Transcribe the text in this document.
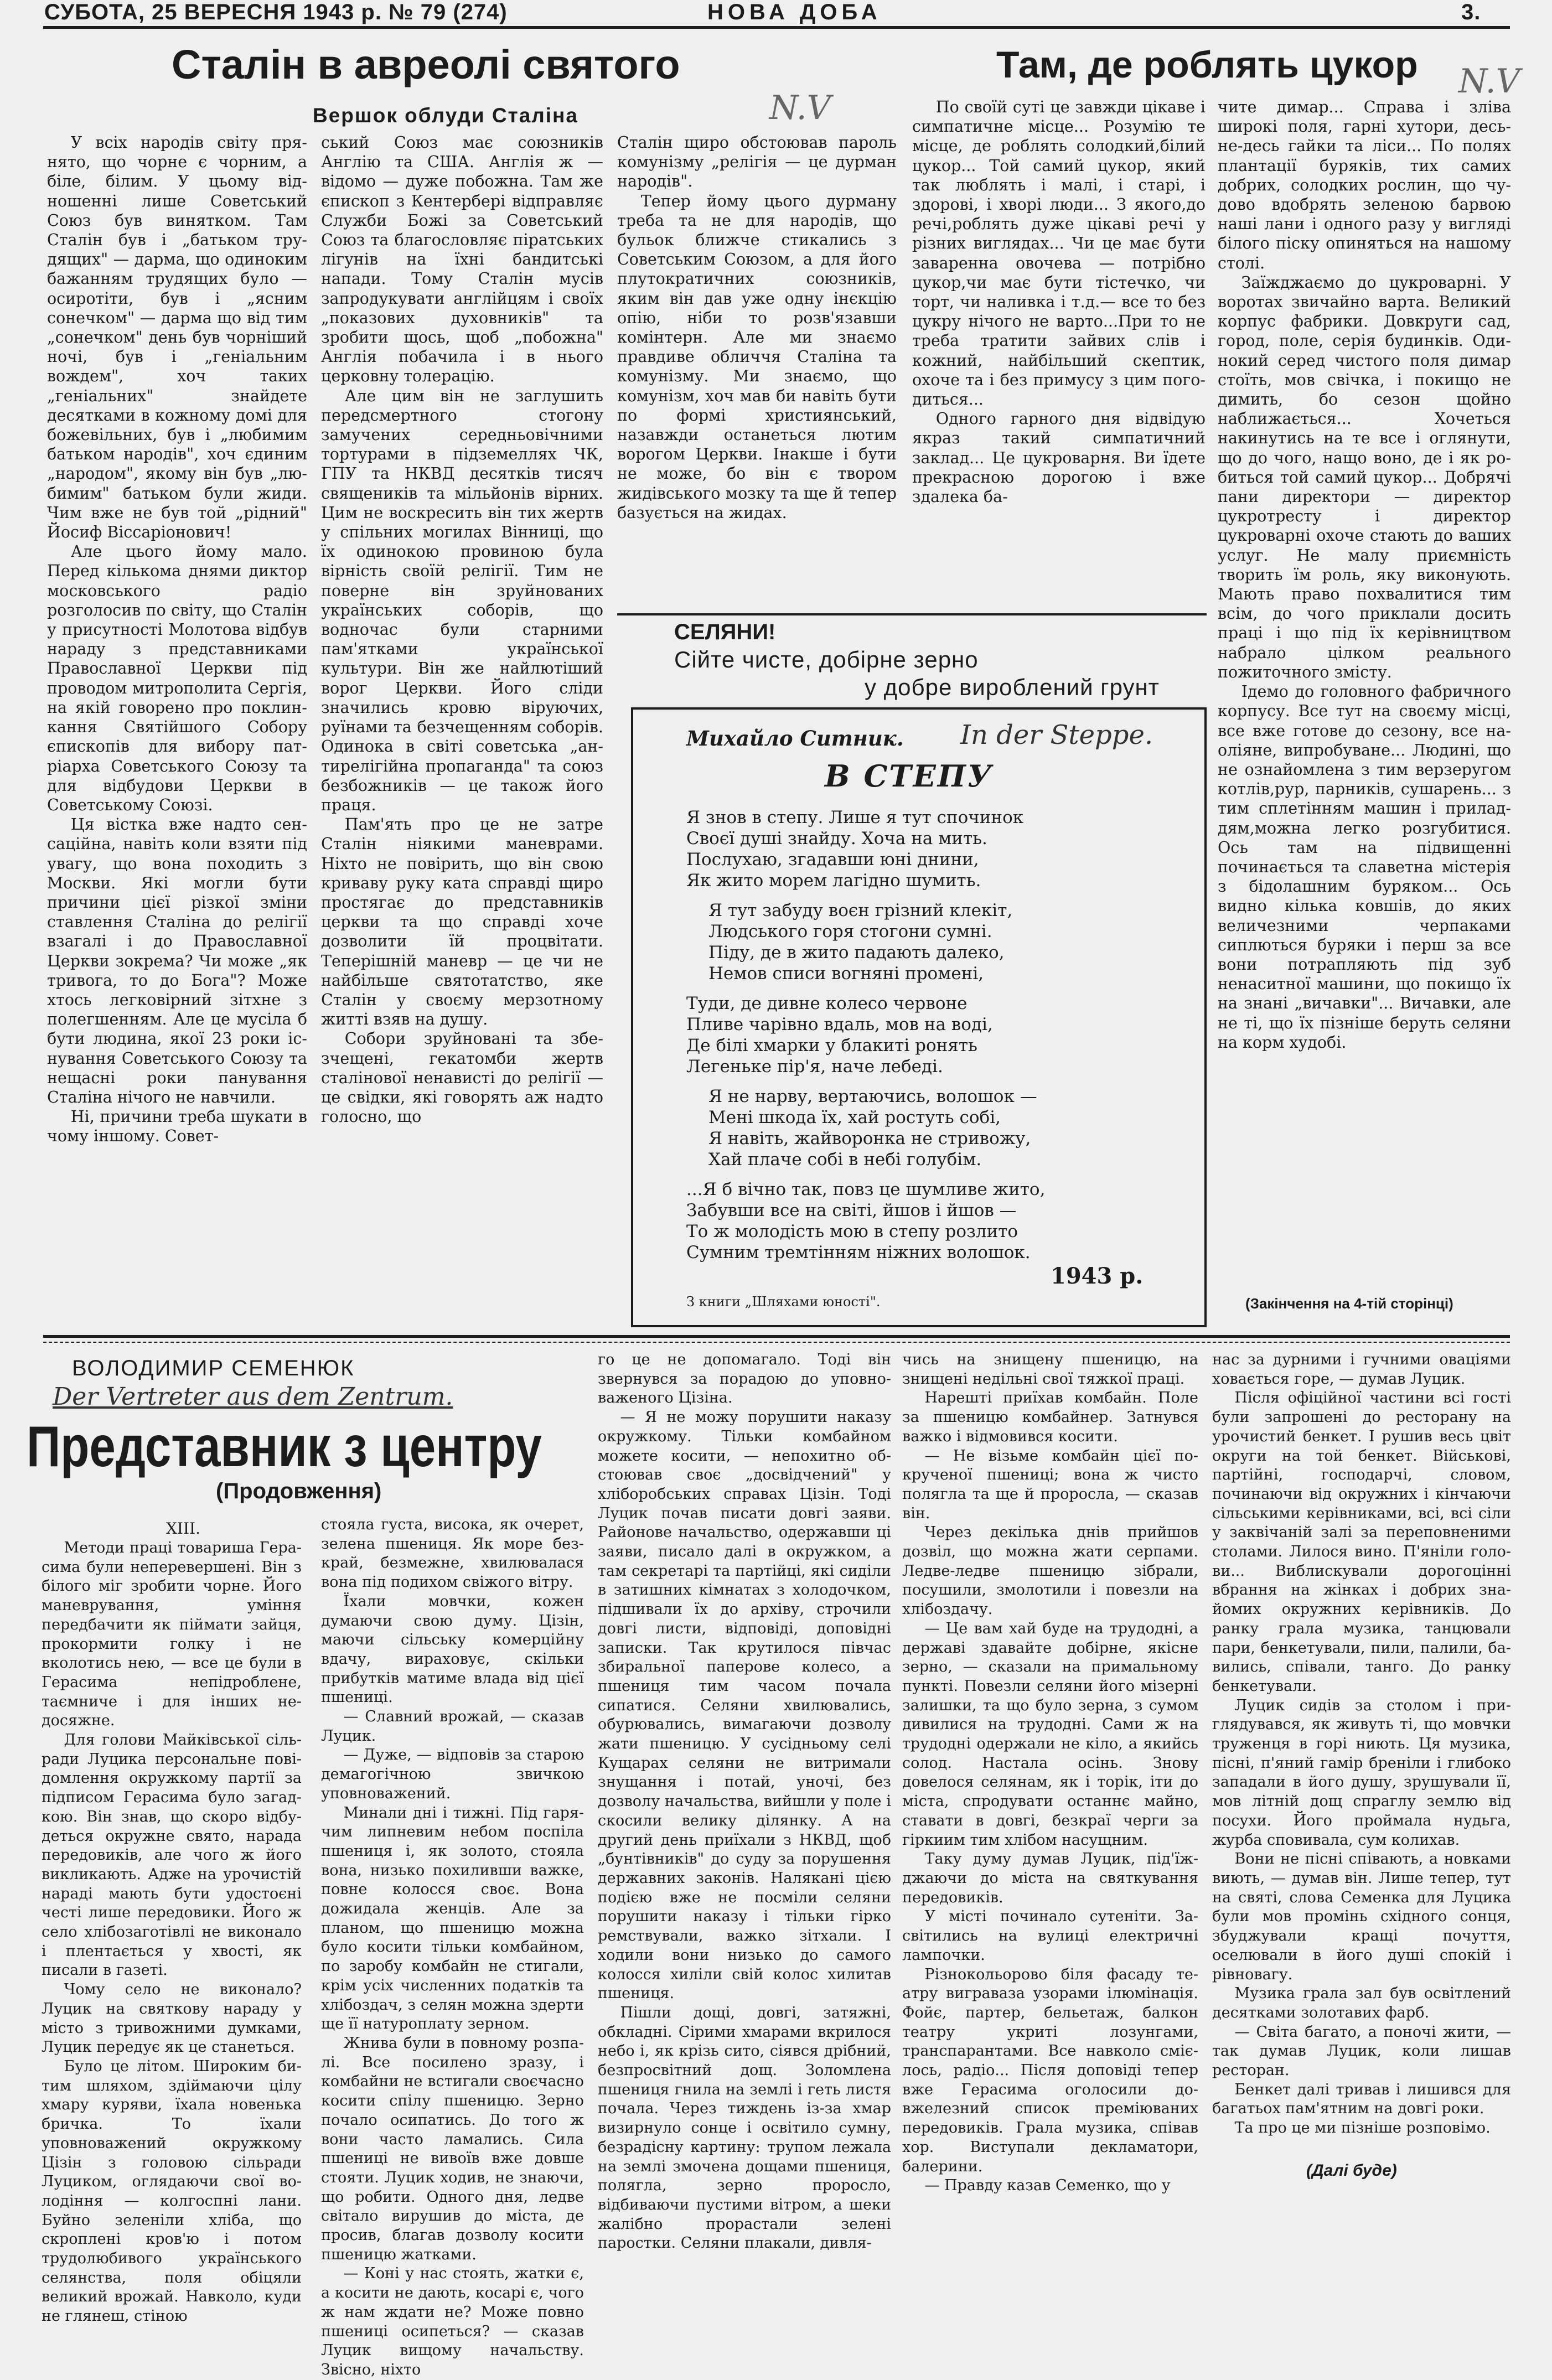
СУБОТА, 25 ВЕРЕСНЯ 1943 р. № 79 (274)	НОВА ДОБА	3.
Сталін в авреолі святого
N.V
Вершок облуди Сталіна

У всіх народів світу прянято, що чорне є чорним, а біле, білим. У цьому відношенні лише Советський Союз був винятком. Там Сталін був і „батьком трудящих" — дарма, що одиноким бажанням трудящих було — осиротіти, був і „ясним сонечком" — дарма що від тим „сонечком" день був чорніший ночі, був і „геніальним вождем", хоч таких „геніальних" знайдете десятками в кожному домі для божевільних, був і „любимим батьком народів", хоч єдиним „народом", якому він був „любимим" батьком були жиди. Чим вже не був той „рідний" Йосиф Віссаріонович!

Але цього йому мало. Перед кількома днями диктор московського радіо розголосив по світу, що Сталін у присутності Молотова відбув нараду з представниками Православної Церкви під проводом митрополита Сергія, на якій говорено про поклинкання Святійшого Собору єпископів для вибору патріарха Советського Союзу та для відбудови Церкви в Советському Союзі.

Ця вістка вже надто сенсаційна, навіть коли взяти під увагу, що вона походить з Москви. Які могли бути причини цієї різкої зміни ставлення Сталіна до релігії взагалі і до Православної Церкви зокрема? Чи може „як тривога, то до Бога"? Може хтось легковірний зітхне з полегшенням. Але це мусіла б бути людина, якої 23 роки існування Советського Союзу та нещасні роки панування Сталіна нічого не навчили.

Ні, причини треба шукати в чому іншому. Совет-

ський Союз має союзників Англію та США. Англія ж — відомо — дуже побожна. Там же єпископ з Кентербері відправляє Служби Божі за Советський Союз та благословляє піратських лігунів на їхні бандитські напади. Тому Сталін мусів запродукувати англійцям і своїх „показових духовників" та зробити щось, щоб „побожна" Англія побачила і в нього церковну толерацію.

Але цим він не заглушить передсмертного стогону замучених середньовічними тортурами в підземеллях ЧК, ГПУ та НКВД десятків тисяч священиків та мільйонів вірних. Цим не воскресить він тих жертв у спільних могилах Вінниці, що їх одинокою провиною була вірність своїй релігії. Тим не поверне він зруйнованих українських соборів, що водночас були старними пам'ятками української культури. Він же найлютіший ворог Церкви. Його сліди значились кровю віруючих, руїнами та безчещенням соборів. Одинока в світі советська „антирелігійна пропаганда" та союз безбожників — це також його праця.

Пам'ять про це не затре Сталін ніякими маневрами. Ніхто не повірить, що він свою криваву руку ката справді щиро простягає до представників церкви та що справді хоче дозволити їй процвітати. Теперішній маневр — це чи не найбільше святотатство, яке Сталін у своєму мерзотному житті взяв на душу.

Собори зруйновані та збезчещені, гекатомби жертв сталінової ненависті до релігії — це свідки, які говорять аж надто голосно, що

Сталін щиро обстоював пароль комунізму „релігія — це дурман народів".

Тепер йому цього дурману треба та не для народів, що бульок ближче стикались з Советським Союзом, а для його плутократичних союзників, яким він дав уже одну інєкцію опію, ніби то розв'язавши комінтерн. Але ми знаємо правдиве обличчя Сталіна та комунізму. Ми знаємо, що комунізм, хоч мав би навіть бути по формі християнський, назавжди останеться лютим ворогом Церкви. Інакше і бути не може, бо він є твором жидівського мозку та ще й тепер базується на жидах.

Там, де роблять цукор N.V

По своїй суті це завжди цікаве і симпатичне місце... Розумію те місце, де роблять солодкий,білий цукор... Той самий цукор, який так люблять і малі, і старі, і здорові, і хворі люди... З якого,до речі,роблять дуже цікаві речі у різних виглядах... Чи це має бути заваренна овочева — потрібно цукор,чи має бути тістечко, чи торт, чи наливка і т.д.— все то без цукру нічого не варто...При то не треба тратити зайвих слів і кожний, найбільший скептик, охоче та і без примусу з цим погодиться...

Одного гарного дня відвідую якраз такий симпатичний заклад... Це цукроварня. Ви їдете прекрасною дорогою і вже здалека ба-

чите димар... Справа і зліва широкі поля, гарні хутори, десь-не-десь гайки та ліси... По полях плантації буряків, тих самих добрих, солодких рослин, що чудово вдобрять зеленою барвою наші лани і одного разу у вигляді білого піску опиняться на нашому столі.

Заїжджаємо до цукроварні. У воротах звичайно варта. Великий корпус фабрики. Довкруги сад, город, поле, серія будинків. Одинокий серед чистого поля димар стоїть, мов свічка, і покищо не димить, бо сезон щойно наближається... Хочеться накинутись на те все і оглянути, що до чого, нащо воно, де і як робиться той самий цукор... Добрячі пани директори — директор цукротресту і директор цукроварні охоче стають до ваших услуг. Не малу приємність творить їм роль, яку виконують. Мають право похвалитися тим всім, до чого приклали досить праці і що під їх керівництвом набрало цілком реального пожиточного змісту.

Ідемо до головного фабричного корпусу. Все тут на своєму місці, все вже готове до сезону, все наоліяне, випробуване... Людині, що не ознайомлена з тим верзеругом котлів,рур, парників, сушарень... з тим сплетінням машин і приладдям,можна легко розгубитися. Ось там на підвищенні починається та славетна містерія з бідолашним буряком... Ось видно кілька ковшів, до яких величезними черпаками сиплються буряки і перш за все вони потрапляють під зуб ненаситної машини, що покищо їх на знані „вичавки"... Вичавки, але не ті, що їх пізніше беруть селяни на корм худобі.

(Закінчення на 4-тій сторінці)
СЕЛЯНИ!
Сійте чисте, добірне зерно
у добре вироблений грунт
Михайло Ситник. In der Steppe.
В СТЕПУ
Я знов в степу. Лише я тут спочинок
Своєї душі знайду. Хоча на мить.
Послухаю, згадавши юні днини,
Як жито морем лагідно шумить.
Я тут забуду воєн грізний клекіт,
Людського горя стогони сумні.
Піду, де в жито падають далеко,
Немов списи вогняні промені,
Туди, де дивне колесо червоне
Пливе чарівно вдаль, мов на воді,
Де білі хмарки у блакиті ронять
Легеньке пір'я, наче лебеді.
Я не нарву, вертаючись, волошок —
Мені шкода їх, хай ростуть собі,
Я навіть, жайворонка не стривожу,
Хай плаче собі в небі голубім.
...Я б вічно так, повз це шумливе жито,
Забувши все на світі, йшов і йшов —
То ж молодість мою в степу розлито
Сумним тремтінням ніжних волошок.
1943 р.
З книги „Шляхами юності".
ВОЛОДИМИР СЕМЕНЮК
Der Vertreter aus dem Zentrum.
Представник з центру
(Продовження)
XIII.

Методи праці товариша Герасима були неперевершені. Він з білого міг зробити чорне. Його маневрування, уміння передбачити як піймати зайця, прокормити голку і не вколотись нею, — все це були в Герасима непідроблене, таємниче і для інших недосяжне.

Для голови Майківської сільради Луцика персональне повідомлення окружкому партії за підписом Герасима було загадкою. Він знав, що скоро відбудеться окружне свято, нарада передовиків, але чого ж його викликають. Адже на урочистій нараді мають бути удостоєні честі лише передовики. Його ж село хлібозаготівлі не виконало і плентається у хвості, як писали в газеті.

Чому село не виконало? Луцик на святкову нараду у місто з тривожними думками, Луцик передує як це станеться.

Було це літом. Широким битим шляхом, здіймаючи цілу хмару куряви, їхала новенька бричка. То їхали уповноважений окружкому Цізін з головою сільради Луциком, оглядаючи свої володіння — колгоспні лани. Буйно зеленіли хліба, що скроплені кров'ю і потом трудолюбивого українського селянства, поля обіцяли великий врожай. Навколо, куди не глянеш, стіною

стояла густа, висока, як очерет, зелена пшениця. Як море безкрай, безмежне, хвилювалася вона під подихом свіжого вітру.

Їхали мовчки, кожен думаючи свою думу. Цізін, маючи сільську комерційну вдачу, вираховує, скільки прибутків матиме влада від цієї пшениці.

— Славний врожай, — сказав Луцик.

— Дуже, — відповів за старою демагогічною звичкою уповноважений.

Минали дні і тижні. Під гарячим липневим небом поспіла пшениця і, як золото, стояла вона, низько похиливши важке, повне колосся своє. Вона дожидала женців. Але за планом, що пшеницю можна було косити тільки комбайном, по заробу комбайн не стигали, крім усіх численних податків та хлібоздач, з селян можна здерти ще її натуроплату зерном.

Жнива були в повному розпалі. Все посилено зразу, і комбайни не встигали своєчасно косити спілу пшеницю. Зерно почало осипатись. До того ж вони часто ламались. Сила пшениці не вивоїв вже довше стояти. Луцик ходив, не знаючи, що робити. Одного дня, ледве світало вирушив до міста, де просив, благав дозволу косити пшеницю жатками.

— Коні у нас стоять, жатки є, а косити не дають, косарі є, чого ж нам ждати не? Може повно пшениці осипеться? — сказав Луцик вищому начальству. Звісно, ніхто

го це не допомагало. Тоді він звернувся за порадою до уповноваженого Цізіна.

— Я не можу порушити наказу окружкому. Тільки комбайном можете косити, — непохитно обстоював своє „досвідчений" у хліборобських справах Цізін. Тоді Луцик почав писати довгі заяви. Районове начальство, одержавши ці заяви, писало далі в окружком, а там секретарі та партійці, які сиділи в затишних кімнатах з холодочком, підшивали їх до архіву, строчили довгі листи, відповіді, доповідні записки. Так крутилося півчас збиральної паперове колесо, а пшениця тим часом почала сипатися. Селяни хвилювались, обурювались, вимагаючи дозволу жати пшеницю. У сусідньому селі Кущарах селяни не витримали знущання і потай, уночі, без дозволу начальства, вийшли у поле і скосили велику ділянку. А на другий день приїхали з НКВД, щоб „бунтівників" до суду за порушення державних законів. Налякані цією подією вже не посміли селяни порушити наказу і тільки гірко ремствували, важко зітхали. І ходили вони низько до самого колосся хиліли свій колос хилитав пшениця.

Пішли дощі, довгі, затяжні, обкладні. Сірими хмарами вкрилося небо і, як крізь сито, сіявся дрібний, безпросвітний дощ. Золомлена пшениця гнила на землі і геть листя почала. Через тиждень із-за хмар визирнуло сонце і освітило сумну, безрадісну картину: трупом лежала на землі змочена дощами пшениця, полягла, зерно проросло, відбиваючи пустими вітром, а шеки жалібно прорастали зелені паростки. Селяни плакали, дивля-

чись на знищену пшеницю, на знищені недільні свої тяжкої праці.

Нарешті приїхав комбайн. Поле за пшеницю комбайнер. Затнувся важко і відмовився косити.

— Не візьме комбайн цієї покрученої пшениці; вона ж чисто полягла та ще й проросла, — сказав він.

Через декілька днів прийшов дозвіл, що можна жати серпами. Ледве-ледве пшеницю зібрали, посушили, змолотили і повезли на хлібоздачу.

— Це вам хай буде на трудодні, а державі здавайте добірне, якісне зерно, — сказали на примальному пункті. Повезли селяни його мізерні залишки, та що було зерна, з сумом дивилися на трудодні. Сами ж на трудодні одержали не кіло, а якийсь солод. Настала осінь. Знову довелося селянам, як і торік, іти до міста, спродувати останнє майно, ставати в довгі, безкраї черги за гіркиим тим хлібом насущним.

Таку думу думав Луцик, під'їжджаючи до міста на святкування передовиків.

У місті починало сутеніти. Засвітились на вулиці електричні лампочки.

Різнокольорово біля фасаду театру виграваза узорами ілюмінація. Фойє, партер, бельетаж, балкон театру укриті лозунгами, транспарантами. Все навколо смієлось, радіо... Після доповіді тепер вже Герасима оголосили довжелезний список преміюваних передовиків. Грала музика, співав хор. Виступали декламатори, балерини.

— Правду казав Семенко, що у

нас за дурними і гучними оваціями ховається горе, — думав Луцик.

Після офіційної частини всі гості були запрошені до ресторану на урочистий бенкет. І рушив весь цвіт округи на той бенкет. Військові, партійні, господарчі, словом, починаючи від окружних і кінчаючи сільськими керівниками, всі, всі сіли у заквічаній залі за переповненими столами. Лилося вино. П'яніли голови... Виблискували дорогоцінні вбрання на жінках і добрих знайомих окружних керівників. До ранку грала музика, танцювали пари, бенкетували, пили, палили, бавились, співали, танго. До ранку бенкетували.

Луцик сидів за столом і приглядувався, як живуть ті, що мовчки труженця в горі ниють. Ця музика, пісні, п'яний гамір бреніли і глибоко западали в його душу, зрушували її, мов літній дощ спраглу землю від посухи. Його проймала нудьга, журба сповивала, сум колихав.

Вони не пісні співають, а новками виють, — думав він. Лише тепер, тут на святі, слова Семенка для Луцика були мов промінь східного сонця, збуджували кращі почуття, оселювали в його душі спокій і рівновагу.

Музика грала зал був освітлений десятками золотавих фарб.

— Світа багато, а поночі жити, — так думав Луцик, коли лишав ресторан.

Бенкет далі тривав і лишився для багатьох пам'ятним на довгі роки.

Та про це ми пізніше розповімо.

(Далі буде)
